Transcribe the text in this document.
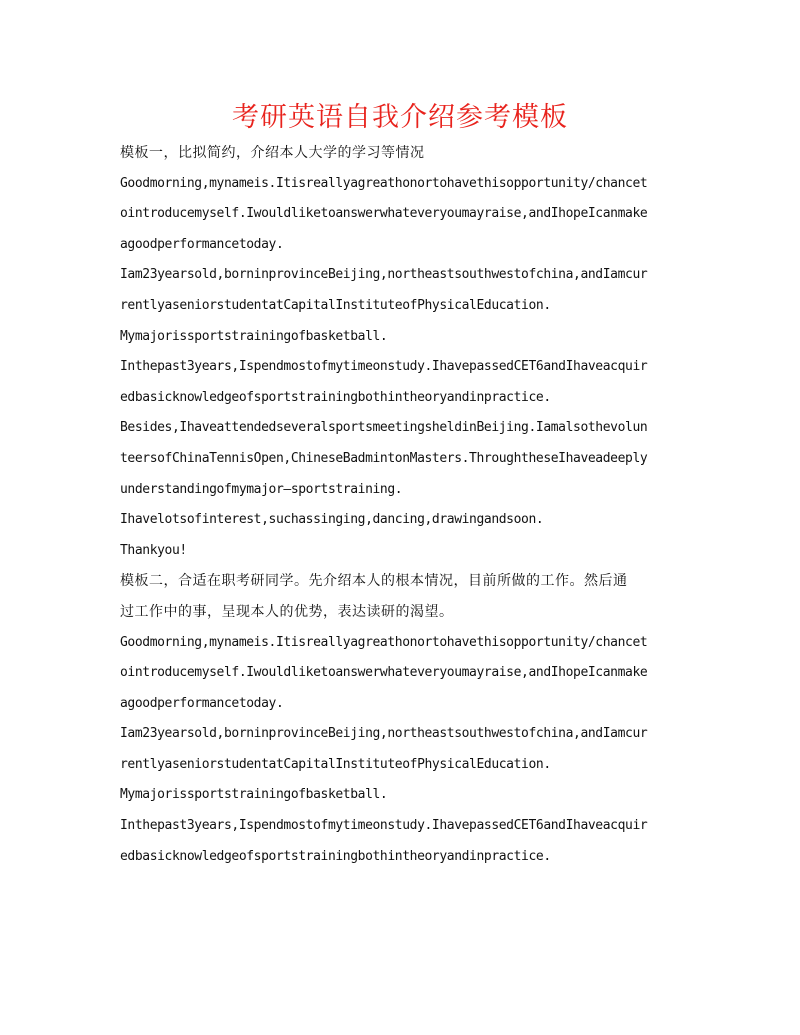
考研英语自我介绍参考模板
模板一，比拟简约，介绍本人大学的学习等情况
Goodmorning,mynameis.Itisreallyagreathonortohavethisopportunity/chancet
ointroducemyself.Iwouldliketoanswerwhateveryoumayraise,andIhopeIcanmake
agoodperformancetoday.
Iam23yearsold,borninprovinceBeijing,northeastsouthwestofchina,andIamcur
rentlyaseniorstudentatCapitalInstituteofPhysicalEducation.
Mymajorissportstrainingofbasketball.
Inthepast3years,Ispendmostofmytimeonstudy.IhavepassedCET6andIhaveacquir
edbasicknowledgeofsportstrainingbothintheoryandinpractice.
Besides,IhaveattendedseveralsportsmeetingsheldinBeijing.Iamalsothevolun
teersofChinaTennisOpen,ChineseBadmintonMasters.ThroughtheseIhaveadeeply
understandingofmymajor—sportstraining.
Ihavelotsofinterest,suchassinging,dancing,drawingandsoon.
Thankyou!
模板二，合适在职考研同学。先介绍本人的根本情况，目前所做的工作。然后通
过工作中的事，呈现本人的优势，表达读研的渴望。
Goodmorning,mynameis.Itisreallyagreathonortohavethisopportunity/chancet
ointroducemyself.Iwouldliketoanswerwhateveryoumayraise,andIhopeIcanmake
agoodperformancetoday.
Iam23yearsold,borninprovinceBeijing,northeastsouthwestofchina,andIamcur
rentlyaseniorstudentatCapitalInstituteofPhysicalEducation.
Mymajorissportstrainingofbasketball.
Inthepast3years,Ispendmostofmytimeonstudy.IhavepassedCET6andIhaveacquir
edbasicknowledgeofsportstrainingbothintheoryandinpractice.
